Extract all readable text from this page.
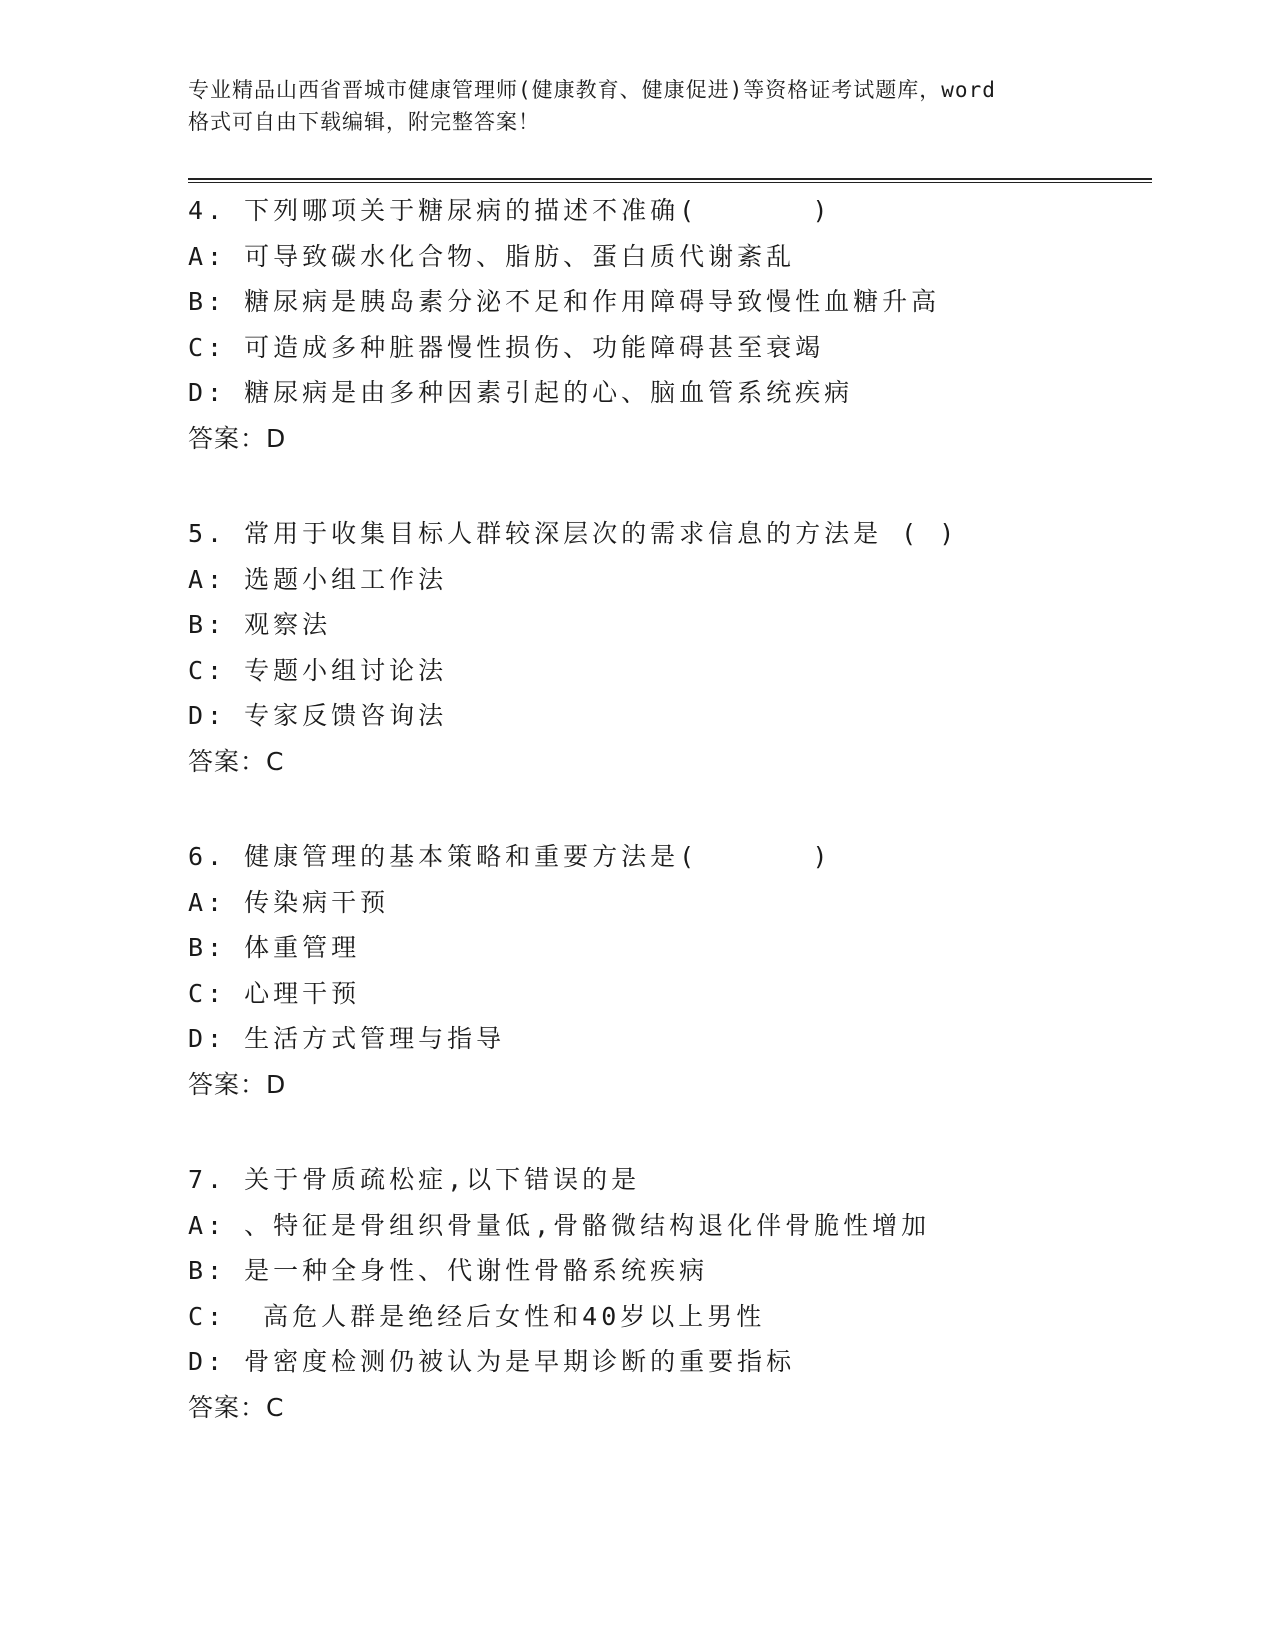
专业精品山西省晋城市健康管理师(健康教育、健康促进)等资格证考试题库，word
格式可自由下载编辑，附完整答案！
4. 下列哪项关于糖尿病的描述不准确(      )
A: 可导致碳水化合物、脂肪、蛋白质代谢紊乱
B: 糖尿病是胰岛素分泌不足和作用障碍导致慢性血糖升高
C: 可造成多种脏器慢性损伤、功能障碍甚至衰竭
D: 糖尿病是由多种因素引起的心、脑血管系统疾病
答案：D
5. 常用于收集目标人群较深层次的需求信息的方法是 ( )
A: 选题小组工作法
B: 观察法
C: 专题小组讨论法
D: 专家反馈咨询法
答案：C
6. 健康管理的基本策略和重要方法是(      )
A: 传染病干预
B: 体重管理
C: 心理干预
D: 生活方式管理与指导
答案：D
7. 关于骨质疏松症,以下错误的是
A: 、特征是骨组织骨量低,骨骼微结构退化伴骨脆性增加
B: 是一种全身性、代谢性骨骼系统疾病
C: 高危人群是绝经后女性和40岁以上男性
D: 骨密度检测仍被认为是早期诊断的重要指标
答案：C
